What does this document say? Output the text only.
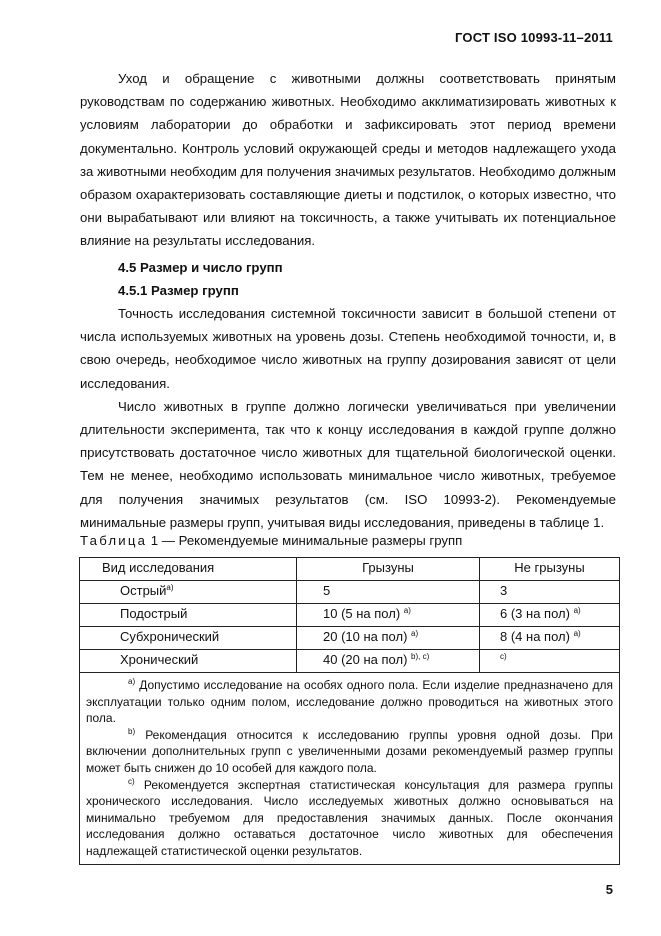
ГОСТ ISO 10993-11–2011

Уход и обращение с животными должны соответствовать принятым руководствам по содержанию животных. Необходимо акклиматизировать животных к условиям лаборатории до обработки и зафиксировать этот период времени документально. Контроль условий окружающей среды и методов надлежащего ухода за животными необходим для получения значимых результатов. Необходимо должным образом охарактеризовать составляющие диеты и подстилок, о которых известно, что они вырабатывают или влияют на токсичность, а также учитывать их потенциальное влияние на результаты исследования.

4.5 Размер и число групп
4.5.1 Размер групп

Точность исследования системной токсичности зависит в большой степени от числа используемых животных на уровень дозы. Степень необходимой точности, и, в свою очередь, необходимое число животных на группу дозирования зависят от цели исследования.

Число животных в группе должно логически увеличиваться при увеличении длительности эксперимента, так что к концу исследования в каждой группе должно присутствовать достаточное число животных для тщательной биологической оценки. Тем не менее, необходимо использовать минимальное число животных, требуемое для получения значимых результатов (см. ISO 10993-2). Рекомендуемые минимальные размеры групп, учитывая виды исследования, приведены в таблице 1.

Таблица 1 — Рекомендуемые минимальные размеры групп
Вид исследования	Грызуны	Не грызуны
Острый$^{a)}$	5	3
Подострый	10 (5 на пол) $^{a)}$	6 (3 на пол) $^{a)}$
Субхронический	20 (10 на пол) $^{a)}$	8 (4 на пол) $^{a)}$
Хронический	40 (20 на пол) $^{b), c)}$	$^{c)}$

$^{a)}$ Допустимо исследование на особях одного пола. Если изделие предназначено для эксплуатации только одним полом, исследование должно проводиться на животных этого пола.

$^{b)}$ Рекомендация относится к исследованию группы уровня одной дозы. При включении дополнительных групп с увеличенными дозами рекомендуемый размер группы может быть снижен до 10 особей для каждого пола.

$^{c)}$ Рекомендуется экспертная статистическая консультация для размера группы хронического исследования. Число исследуемых животных должно основываться на минимально требуемом для предоставления значимых данных. После окончания исследования должно оставаться достаточное число животных для обеспечения надлежащей статистической оценки результатов.		

5
